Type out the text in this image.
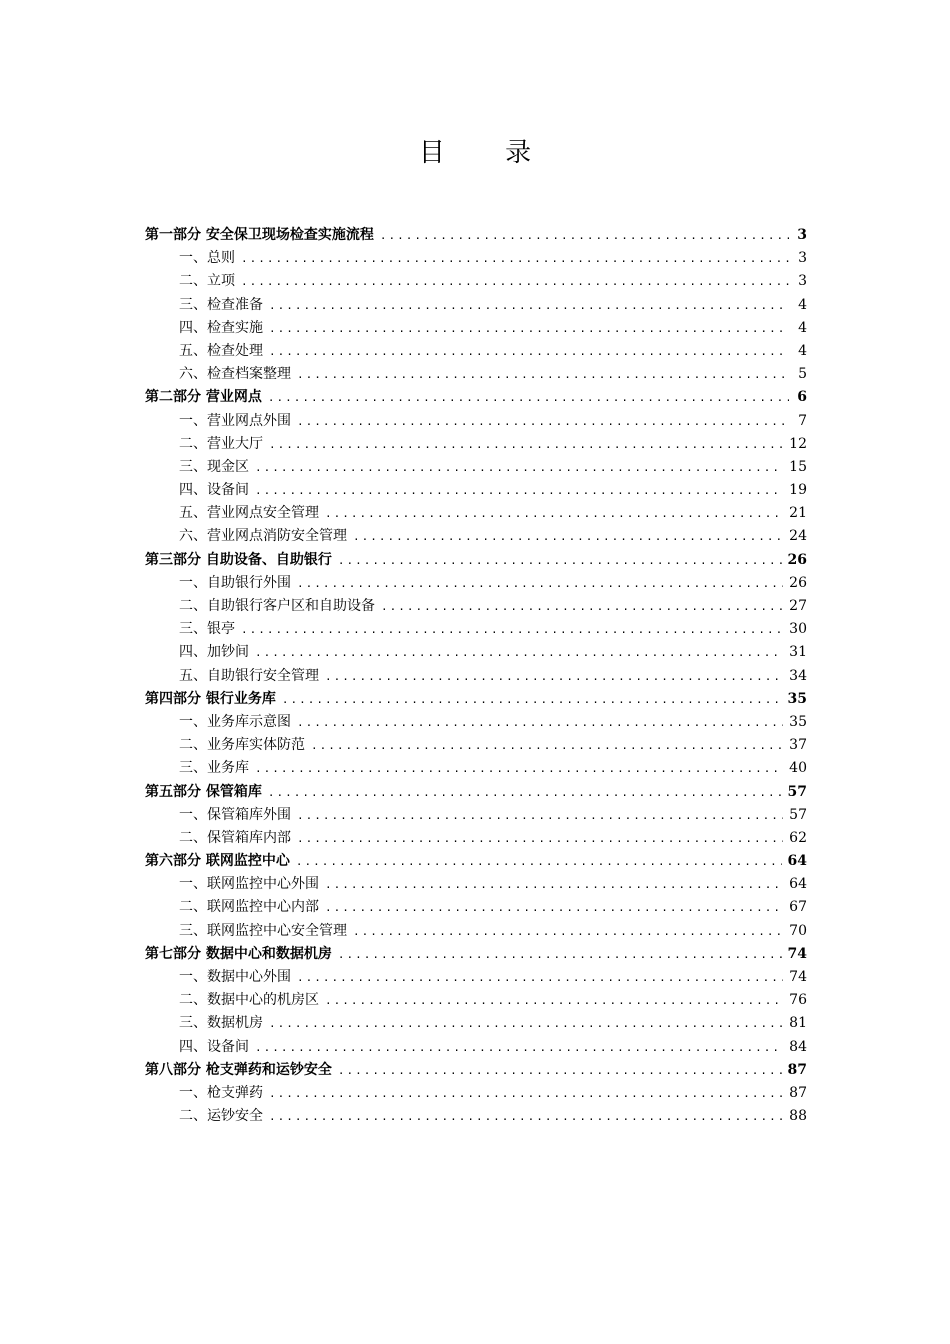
目 录
第一部分 安全保卫现场检查实施流程 .....	3
一、总则 .....	3
二、立项 .....	3
三、检查准备 .....	4
四、检查实施 .....	4
五、检查处理 .....	4
六、检查档案整理 .....	5
第二部分 营业网点 .....	6
一、营业网点外围 .....	7
二、营业大厅 .....	12
三、现金区 .....	15
四、设备间 .....	19
五、营业网点安全管理 .....	21
六、营业网点消防安全管理 .....	24
第三部分 自助设备、自助银行 .....	26
一、自助银行外围 .....	26
二、自助银行客户区和自助设备 .....	27
三、银亭 .....	30
四、加钞间 .....	31
五、自助银行安全管理 .....	34
第四部分 银行业务库 .....	35
一、业务库示意图 .....	35
二、业务库实体防范 .....	37
三、业务库 .....	40
第五部分 保管箱库 .....	57
一、保管箱库外围 .....	57
二、保管箱库内部 .....	62
第六部分 联网监控中心 .....	64
一、联网监控中心外围 .....	64
二、联网监控中心内部 .....	67
三、联网监控中心安全管理 .....	70
第七部分 数据中心和数据机房 .....	74
一、数据中心外围 .....	74
二、数据中心的机房区 .....	76
三、数据机房 .....	81
四、设备间 .....	84
第八部分 枪支弹药和运钞安全 .....	87
一、枪支弹药 .....	87
二、运钞安全 .....	88
